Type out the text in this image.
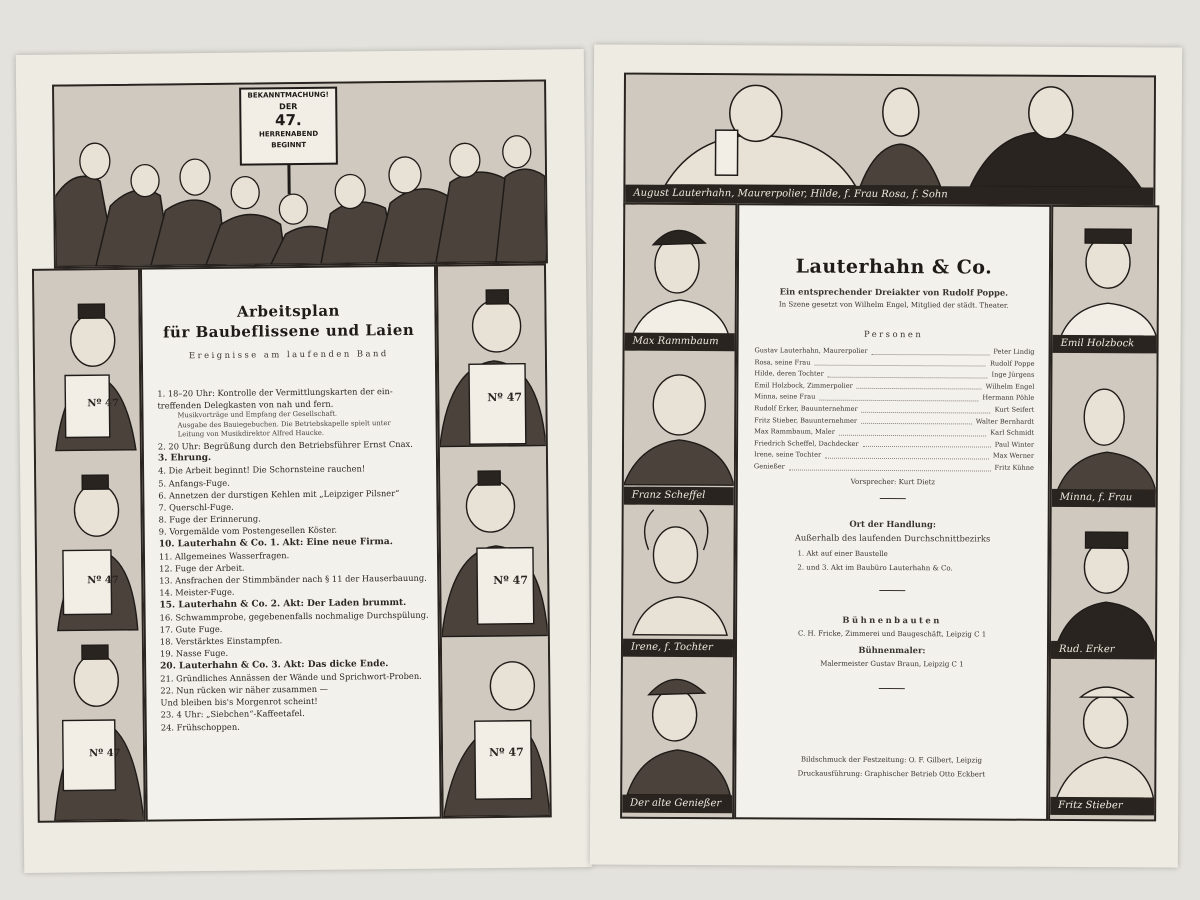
BEKANNTMACHUNG!
DER
47.
HERRENABEND
BEGINNT
Nº 47
Nº 47
Nº 47
Arbeitsplan
für Baubeflissene und Laien
Ereignisse am laufenden Band
1. 18–20 Uhr: Kontrolle der Vermittlungskarten der ein-
treffenden Delegkasten von nah und fern.
Musikvorträge und Empfang der Gesellschaft.
Ausgabe des Bauiegebuchen. Die Betriebskapelle spielt unter
Leitung von Musikdirektor Alfred Haucke.
2. 20 Uhr: Begrüßung durch den Betriebsführer Ernst Cnax.
3. Ehrung.
4. Die Arbeit beginnt! Die Schornsteine rauchen!
5. Anfangs-Fuge.
6. Annetzen der durstigen Kehlen mit „Leipziger Pilsner“
7. Querschl-Fuge.
8. Fuge der Erinnerung.
9. Vorgemälde vom Postengesellen Köster.
10. Lauterhahn & Co. 1. Akt: Eine neue Firma.
11. Allgemeines Wasserfragen.
12. Fuge der Arbeit.
13. Ansfrachen der Stimmbänder nach § 11 der Hauserbauung.
14. Meister-Fuge.
15. Lauterhahn & Co. 2. Akt: Der Laden brummt.
16. Schwammprobe, gegebenenfalls nochmalige Durchspülung.
17. Gute Fuge.
18. Verstärktes Einstampfen.
19. Nasse Fuge.
20. Lauterhahn & Co. 3. Akt: Das dicke Ende.
21. Gründliches Annässen der Wände und Sprichwort-Proben.
22. Nun rücken wir näher zusammen —
Und bleiben bis's Morgenrot scheint!
23. 4 Uhr: „Siebchen“-Kaffeetafel.
24. Frühschoppen.
Nº 47
Nº 47
Nº 47
August Lauterhahn, Maurerpolier, Hilde, f. Frau Rosa, f. Sohn
Max Rammbaum
Franz Scheffel
Irene, f. Tochter
Der alte Genießer
Lauterhahn & Co.
Ein entsprechender Dreiakter von Rudolf Poppe.
In Szene gesetzt von Wilhelm Engel, Mitglied der städt. Theater.
Personen
Gustav Lauterhahn, Maurerpolier	Peter Lindig
Rosa, seine Frau	Rudolf Poppe
Hilde, deren Tochter	Inge Jürgens
Emil Holzbock, Zimmerpolier	Wilhelm Engel
Minna, seine Frau	Hermann Pöhle
Rudolf Erker, Bauunternehmer	Kurt Seifert
Fritz Stieber, Bauunternehmer	Walter Bernhardt
Max Rammbaum, Maler	Karl Schmidt
Friedrich Scheffel, Dachdecker	Paul Winter
Irene, seine Tochter	Max Werner
Genießer	Fritz Kühne
Vorsprecher: Kurt Dietz
Ort der Handlung:
Außerhalb des laufenden Durchschnittbezirks
1. Akt auf einer Baustelle
2. und 3. Akt im Baubüro Lauterhahn & Co.
Bühnenbauten
C. H. Fricke, Zimmerei und Baugeschäft, Leipzig C 1
Bühnenmaler:
Malermeister Gustav Braun, Leipzig C 1
Bildschmuck der Festzeitung: O. F. Gilbert, Leipzig
Druckausführung: Graphischer Betrieb Otto Eckbert
Emil Holzbock
Minna, f. Frau
Rud. Erker
Fritz Stieber
